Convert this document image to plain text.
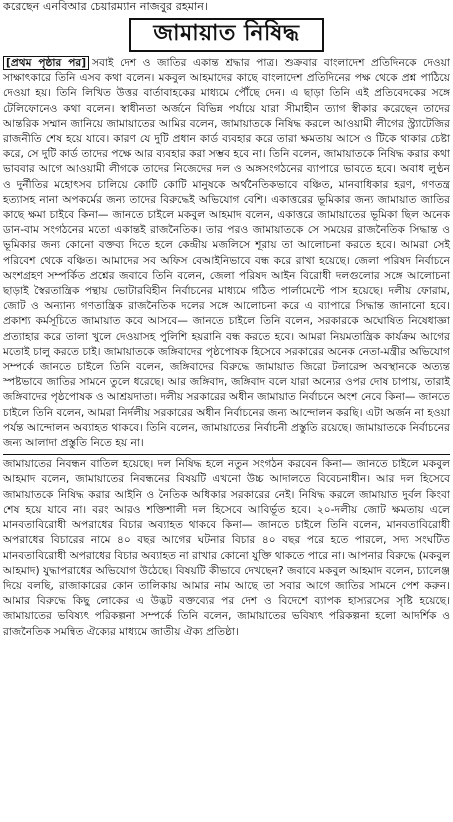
করেছেন এনবিআর চেয়ারম্যান নাজবুর রহমান।
জামায়াত নিষিদ্ধ

[প্রথম পৃষ্ঠার পর] সবাই দেশ ও জাতির একান্ত শ্রদ্ধার পাত্র। শুক্রবার বাংলাদেশ প্রতিদিনকে দেওয়া সাক্ষাৎকারে তিনি এসব কথা বলেন। মকবুল আহমাদের কাছে বাংলাদেশ প্রতিদিনের পক্ষ থেকে প্রশ্ন পাঠিয়ে দেওয়া হয়। তিনি লিখিত উত্তর বার্তাবাহকের মাধ্যমে পৌঁছে দেন। এ ছাড়া তিনি এই প্রতিবেদকের সঙ্গে টেলিফোনেও কথা বলেন। স্বাধীনতা অর্জনে বিভিন্ন পর্যায়ে যারা সীমাহীন ত্যাগ স্বীকার করেছেন তাদের আন্তরিক সম্মান জানিয়ে জামায়াতের আমির বলেন, জামায়াতকে নিষিদ্ধ করলে আওয়ামী লীগের স্ট্র্যাটেজির রাজনীতি শেষ হয়ে যাবে। কারণ যে দুটি প্রধান কার্ড ব্যবহার করে তারা ক্ষমতায় আসে ও টিকে থাকার চেষ্টা করে, সে দুটি কার্ড তাদের পক্ষে আর ব্যবহার করা সম্ভব হবে না। তিনি বলেন, জামায়াতকে নিষিদ্ধ করার কথা ভাববার আগে আওয়ামী লীগকে তাদের নিজেদের দল ও অঙ্গসংগঠনের ব্যাপারে ভাবতে হবে। অবাধ লুণ্ঠন ও দুর্নীতির মহোৎসব চালিয়ে কোটি কোটি মানুষকে অর্থনৈতিকভাবে বঞ্চিত, মানবাধিকার হরণ, গণতন্ত্র হত্যাসহ নানা অপকর্মের জন্য তাদের বিরুদ্ধেই অভিযোগ বেশি। একাত্তরের ভূমিকার জন্য জামায়াত জাতির কাছে ক্ষমা চাইবে কিনা— জানতে চাইলে মকবুল আহমাদ বলেন, একাত্তরে জামায়াতের ভূমিকা ছিল অনেক ডান-বাম সংগঠনের মতো একান্তই রাজনৈতিক। তার পরও জামায়াতকে সে সময়ের রাজনৈতিক সিদ্ধান্ত ও ভূমিকার জন্য কোনো বক্তব্য দিতে হলে কেন্দ্রীয় মজলিসে শূরায় তা আলোচনা করতে হবে। আমরা সেই পরিবেশ থেকে বঞ্চিত। আমাদের সব অফিস বেআইনিভাবে বন্ধ করে রাখা হয়েছে। জেলা পরিষদ নির্বাচনে অংশগ্রহণ সম্পর্কিত প্রশ্নের জবাবে তিনি বলেন, জেলা পরিষদ আইন বিরোধী দলগুলোর সঙ্গে আলোচনা ছাড়াই স্বৈরতান্ত্রিক পন্থায় ভোটারবিহীন নির্বাচনের মাধ্যমে গঠিত পার্লামেন্টে পাস হয়েছে। দলীয় ফোরাম, জোট ও অন্যান্য গণতান্ত্রিক রাজনৈতিক দলের সঙ্গে আলোচনা করে এ ব্যাপারে সিদ্ধান্ত জানানো হবে। প্রকাশ্য কর্মসূচিতে জামায়াত কবে আসবে— জানতে চাইলে তিনি বলেন, সরকারকে অঘোষিত নিষেধাজ্ঞা প্রত্যাহার করে তালা খুলে দেওয়াসহ পুলিশি হয়রানি বন্ধ করতে হবে। আমরা নিয়মতান্ত্রিক কার্যক্রম আগের মতোই চালু করতে চাই। জামায়াতকে জঙ্গিবাদের পৃষ্ঠপোষক হিসেবে সরকারের অনেক নেতা-মন্ত্রীর অভিযোগ সম্পর্কে জানতে চাইলে তিনি বলেন, জঙ্গিবাদের বিরুদ্ধে জামায়াত জিরো টলারেন্স অবস্থানকে অত্যন্ত স্পষ্টভাবে জাতির সামনে তুলে ধরেছে। আর জঙ্গিবাদ, জঙ্গিবাদ বলে যারা অন্যের ওপর দোষ চাপায়, তারাই জঙ্গিবাদের পৃষ্ঠপোষক ও আশ্রয়দাতা। দলীয় সরকারের অধীন জামায়াত নির্বাচনে অংশ নেবে কিনা— জানতে চাইলে তিনি বলেন, আমরা নির্দলীয় সরকারের অধীন নির্বাচনের জন্য আন্দোলন করছি। এটা অর্জন না হওয়া পর্যন্ত আন্দোলন অব্যাহত থাকবে। তিনি বলেন, জামায়াতের নির্বাচনী প্রস্তুতি রয়েছে। জামায়াতকে নির্বাচনের জন্য আলাদা প্রস্তুতি নিতে হয় না।

জামায়াতের নিবন্ধন বাতিল হয়েছে। দল নিষিদ্ধ হলে নতুন সংগঠন করবেন কিনা— জানতে চাইলে মকবুল আহমাদ বলেন, জামায়াতের নিবন্ধনের বিষয়টি এখনো উচ্চ আদালতে বিবেচনাধীন। আর দল হিসেবে জামায়াতকে নিষিদ্ধ করার আইনি ও নৈতিক অধিকার সরকারের নেই। নিষিদ্ধ করলে জামায়াত দুর্বল কিংবা শেষ হয়ে যাবে না। বরং আরও শক্তিশালী দল হিসেবে আবির্ভূত হবে। ২০-দলীয় জোট ক্ষমতায় এলে মানবতাবিরোধী অপরাধের বিচার অব্যাহত থাকবে কিনা— জানতে চাইলে তিনি বলেন, মানবতাবিরোধী অপরাধের বিচারের নামে ৪০ বছর আগের ঘটনার বিচার ৪০ বছর পরে হতে পারলে, সদ্য সংঘটিত মানবতাবিরোধী অপরাধের বিচার অব্যাহত না রাখার কোনো যুক্তি থাকতে পারে না। আপনার বিরুদ্ধে (মকবুল আহমাদ) যুদ্ধাপরাধের অভিযোগ উঠেছে। বিষয়টি কীভাবে দেখছেন? জবাবে মকবুল আহমাদ বলেন, চ্যালেঞ্জ দিয়ে বলছি, রাজাকারের কোন তালিকায় আমার নাম আছে তা সবার আগে জাতির সামনে পেশ করুন। আমার বিরুদ্ধে কিছু লোকের এ উদ্ভট বক্তব্যের পর দেশ ও বিদেশে ব্যাপক হাস্যরসের সৃষ্টি হয়েছে। জামায়াতের ভবিষ্যৎ পরিকল্পনা সম্পর্কে তিনি বলেন, জামায়াতের ভবিষ্যৎ পরিকল্পনা হলো আদর্শিক ও রাজনৈতিক সমন্বিত ঐক্যের মাধ্যমে জাতীয় ঐক্য প্রতিষ্ঠা।
